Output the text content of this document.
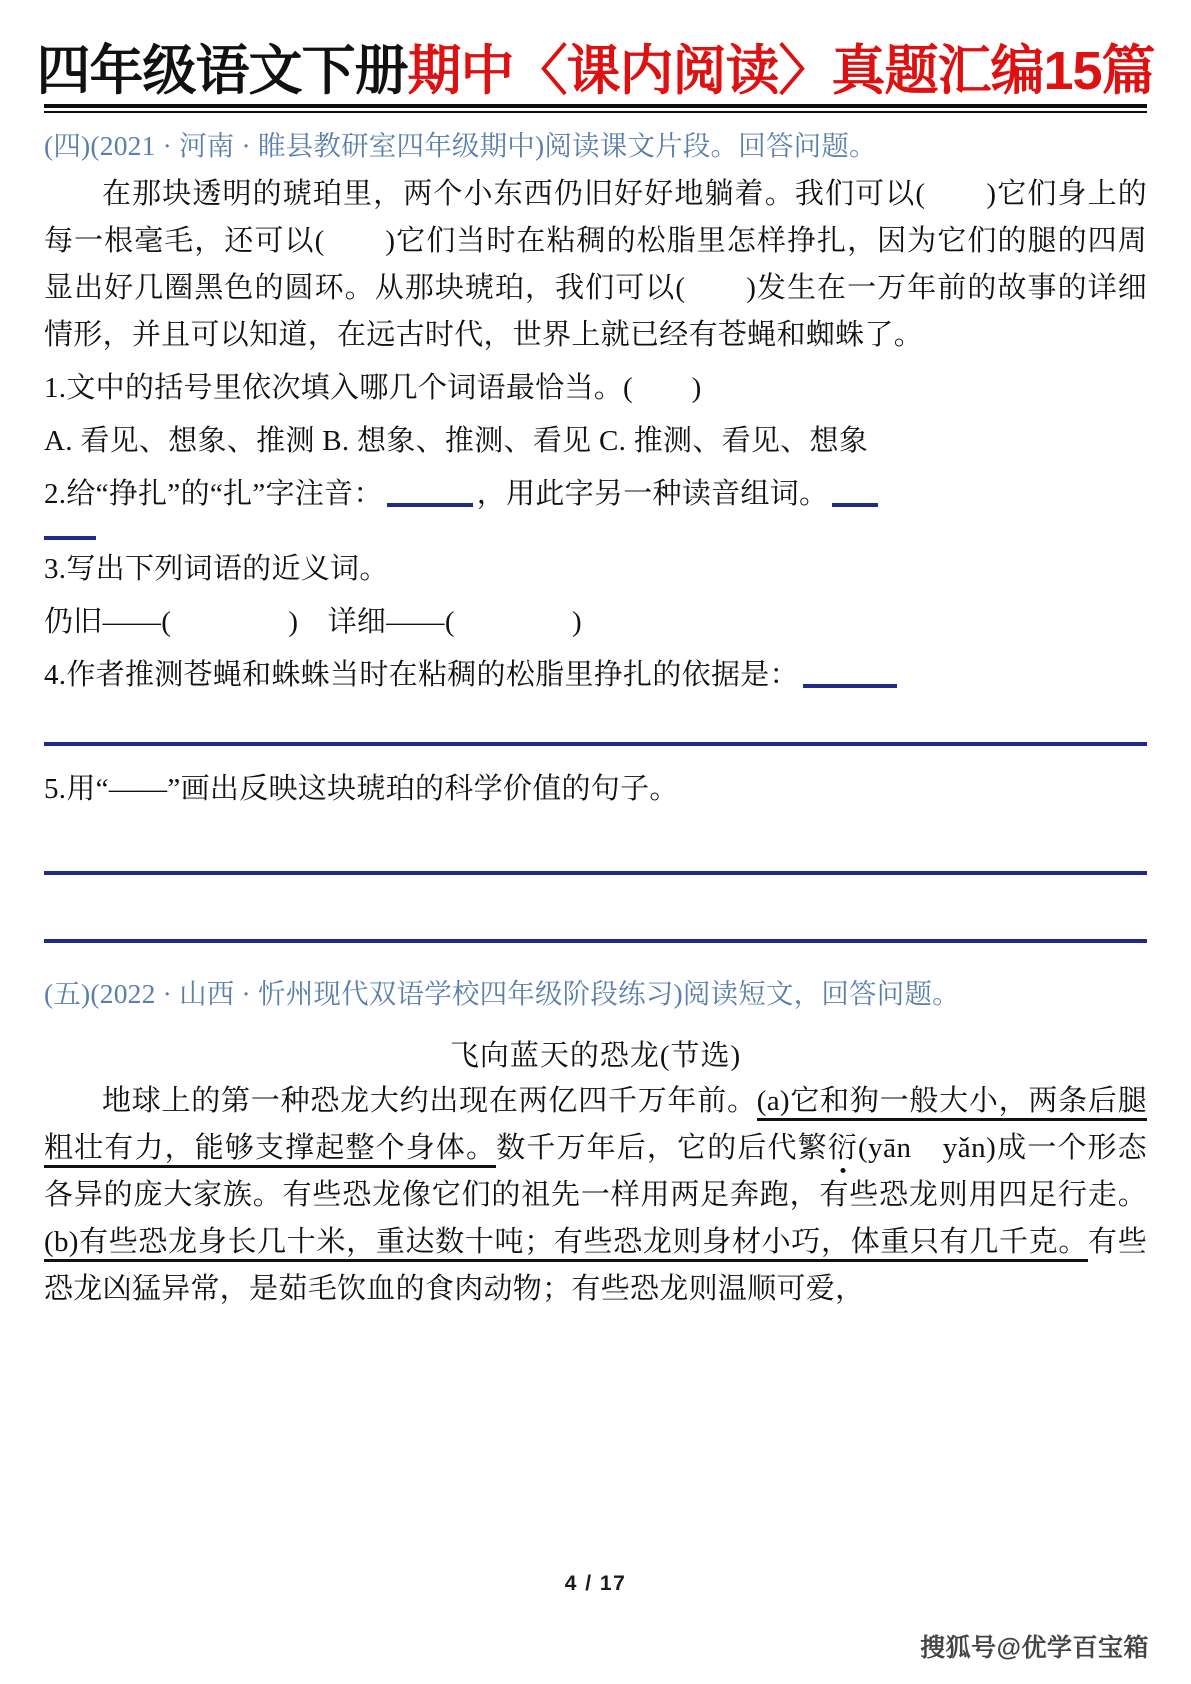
四年级语文下册 期中〈课内阅读〉真题汇编15篇
(四)(2021 · 河南 · 睢县教研室四年级期中)阅读课文片段。回答问题。
在那块透明的琥珀里，两个小东西仍旧好好地躺着。我们可以(　　)它们身上的每一根毫毛，还可以(　　)它们当时在粘稠的松脂里怎样挣扎，因为它们的腿的四周显出好几圈黑色的圆环。从那块琥珀，我们可以(　　)发生在一万年前的故事的详细情形，并且可以知道，在远古时代，世界上就已经有苍蝇和蜘蛛了。
1.文中的括号里依次填入哪几个词语最恰当。(　　)
A. 看见、想象、推测 B. 想象、推测、看见 C. 推测、看见、想象
2.给“挣扎”的“扎”字注音：	，用此字另一种读音组词。
3.写出下列词语的近义词。
仍旧——(　　　　)　详细——(　　　　)
4.作者推测苍蝇和蛛蛛当时在粘稠的松脂里挣扎的依据是：
5.用“——”画出反映这块琥珀的科学价值的句子。
(五)(2022 · 山西 · 忻州现代双语学校四年级阶段练习)阅读短文，回答问题。
飞向蓝天的恐龙(节选)
地球上的第一种恐龙大约出现在两亿四千万年前。(a)它和狗一般大小，两条后腿粗壮有力，能够支撑起整个身体。数千万年后，它的后代繁衍(yān　yǎn)成一个形态各异的庞大家族。有些恐龙像它们的祖先一样用两足奔跑，有些恐龙则用四足行走。(b)有些恐龙身长几十米，重达数十吨；有些恐龙则身材小巧，体重只有几千克。有些恐龙凶猛异常，是茹毛饮血的食肉动物；有些恐龙则温顺可爱，
4 / 17
搜狐号@优学百宝箱
